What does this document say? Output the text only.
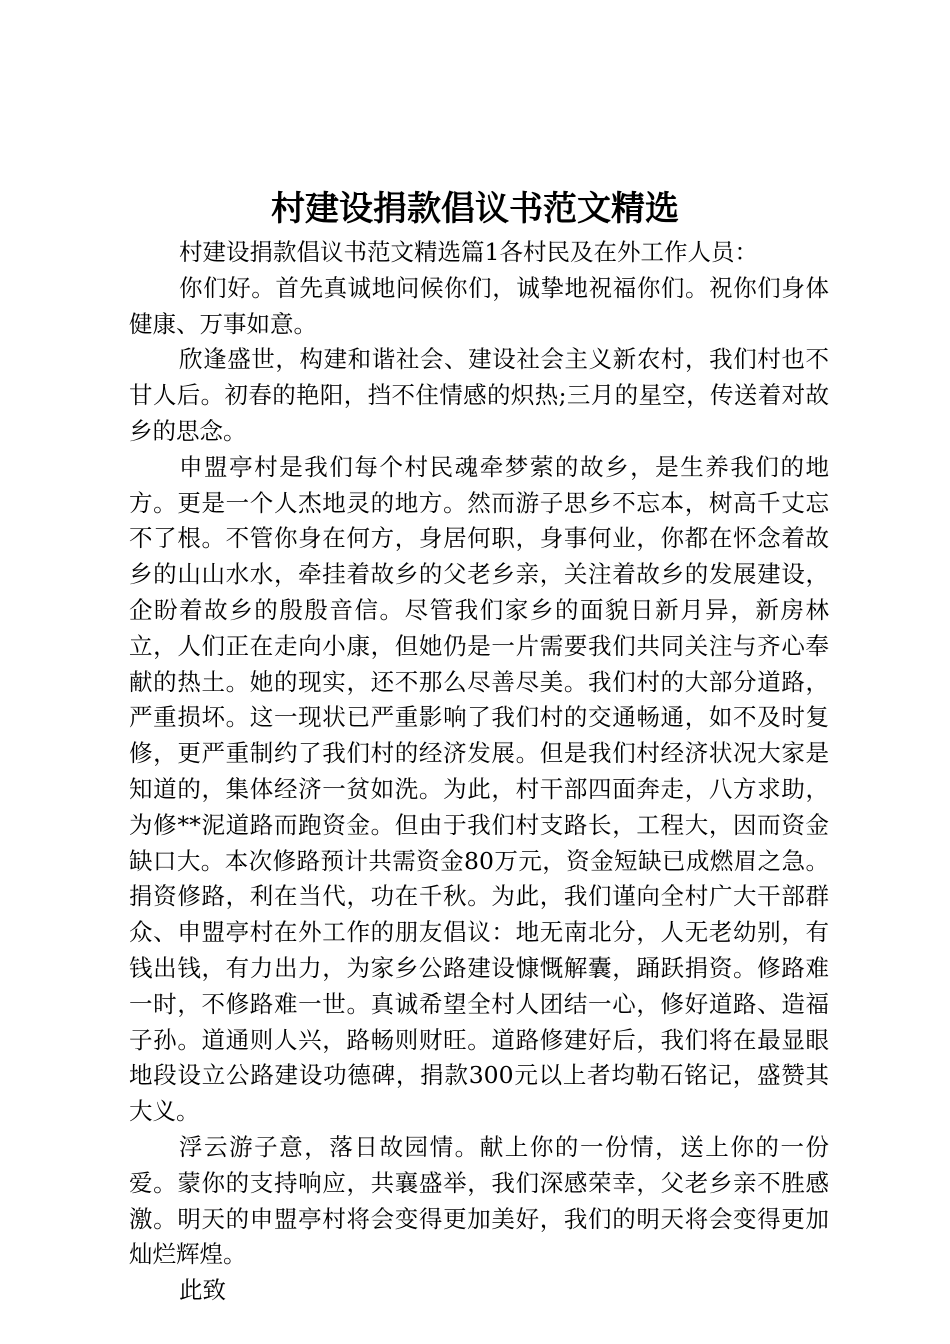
村建设捐款倡议书范文精选

村建设捐款倡议书范文精选篇1各村民及在外工作人员：

你们好。首先真诚地问候你们，诚挚地祝福你们。祝你们身体健康、万事如意。

欣逢盛世，构建和谐社会、建设社会主义新农村，我们村也不甘人后。初春的艳阳，挡不住情感的炽热;三月的星空，传送着对故乡的思念。

申盟亭村是我们每个村民魂牵梦萦的故乡，是生养我们的地方。更是一个人杰地灵的地方。然而游子思乡不忘本，树高千丈忘不了根。不管你身在何方，身居何职，身事何业，你都在怀念着故乡的山山水水，牵挂着故乡的父老乡亲，关注着故乡的发展建设，企盼着故乡的殷殷音信。尽管我们家乡的面貌日新月异，新房林立，人们正在走向小康，但她仍是一片需要我们共同关注与齐心奉献的热土。她的现实，还不那么尽善尽美。我们村的大部分道路，严重损坏。这一现状已严重影响了我们村的交通畅通，如不及时复修，更严重制约了我们村的经济发展。但是我们村经济状况大家是知道的，集体经济一贫如洗。为此，村干部四面奔走，八方求助，为修**泥道路而跑资金。但由于我们村支路长，工程大，因而资金缺口大。本次修路预计共需资金80万元，资金短缺已成燃眉之急。捐资修路，利在当代，功在千秋。为此，我们谨向全村广大干部群众、申盟亭村在外工作的朋友倡议：地无南北分，人无老幼别，有钱出钱，有力出力，为家乡公路建设慷慨解囊，踊跃捐资。修路难一时，不修路难一世。真诚希望全村人团结一心，修好道路、造福子孙。道通则人兴，路畅则财旺。道路修建好后，我们将在最显眼地段设立公路建设功德碑，捐款300元以上者均勒石铭记，盛赞其大义。

浮云游子意，落日故园情。献上你的一份情，送上你的一份爱。蒙你的支持响应，共襄盛举，我们深感荣幸，父老乡亲不胜感激。明天的申盟亭村将会变得更加美好，我们的明天将会变得更加灿烂辉煌。

此致
